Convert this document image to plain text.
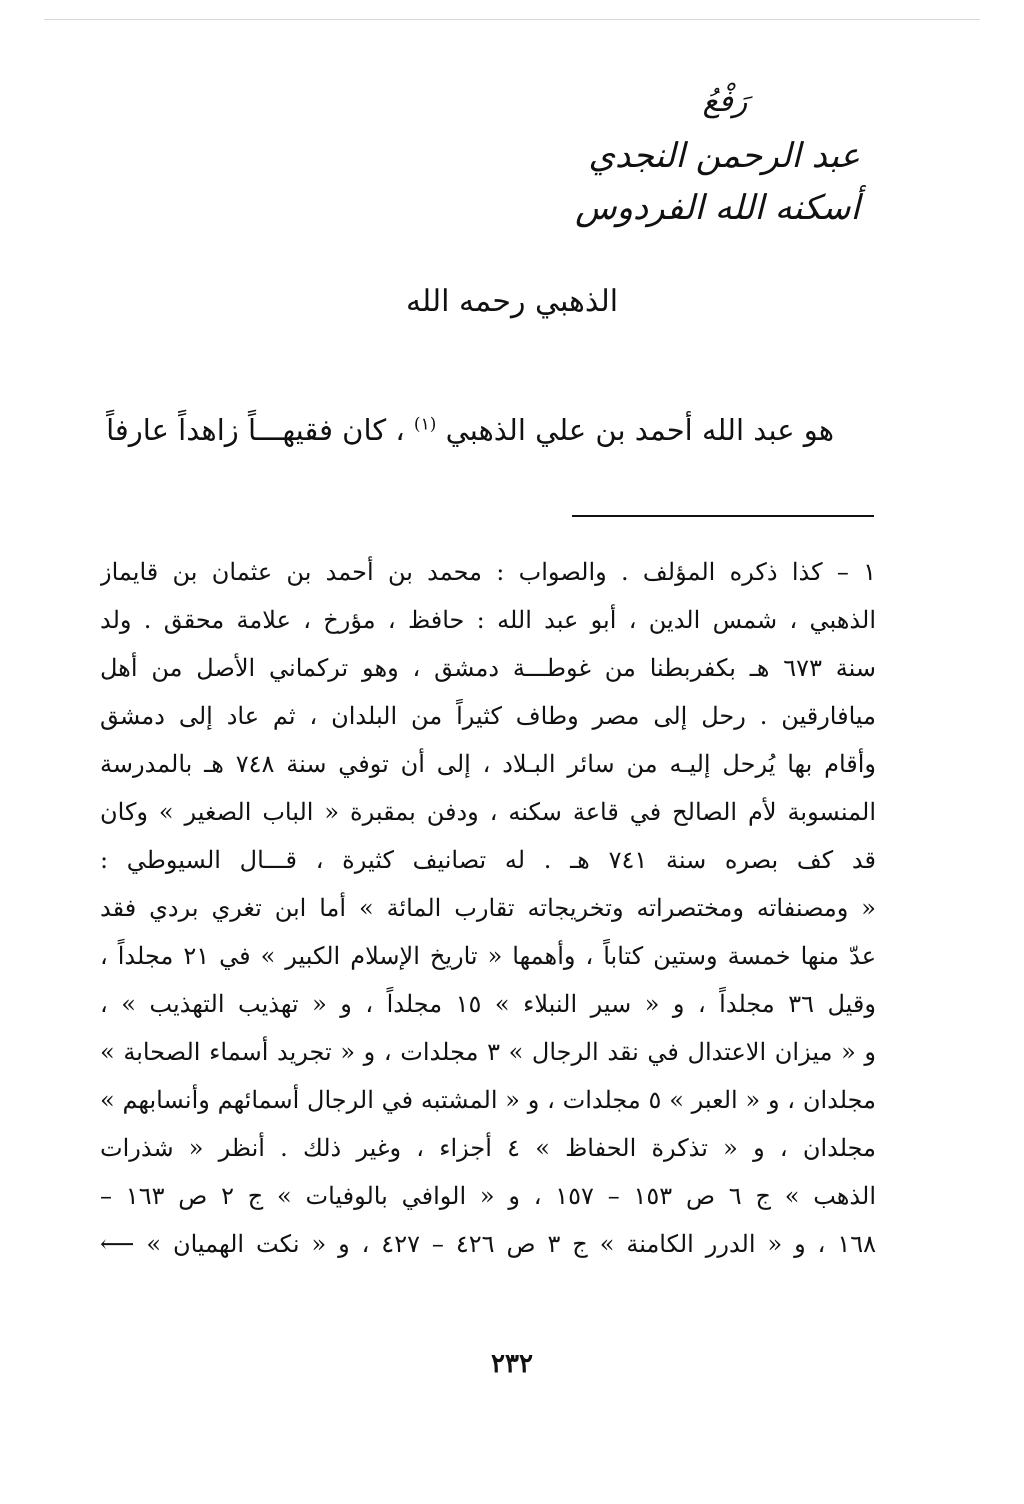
رَفْعُ
عبد الرحمن النجدي
أسكنه الله الفردوس
الذهبي رحمه الله
هو عبد الله أحمد بن علي الذهبي $^{(١)}$ ، كان فقيهـــاً زاهداً عارفاً
١ – كذا ذكره المؤلف . والصواب : محمد بن أحمد بن عثمان بن قايماز
الذهبي ، شمس الدين ، أبو عبد الله : حافظ ، مؤرخ ، علامة محقق . ولد
سنة ٦٧٣ هـ بكفربطنا من غوطـــة دمشق ، وهو تركماني الأصل من أهل
ميافارقين . رحل إلى مصر وطاف كثيراً من البلدان ، ثم عاد إلى دمشق
وأقام بها يُرحل إليـه من سائر البـلاد ، إلى أن توفي سنة ٧٤٨ هـ بالمدرسة
المنسوبة لأم الصالح في قاعة سكنه ، ودفن بمقبرة « الباب الصغير » وكان
قد كف بصره سنة ٧٤١ هـ . له تصانيف كثيرة ، قـــال السيوطي :
« ومصنفاته ومختصراته وتخريجاته تقارب المائة » أما ابن تغري بردي فقد
عدّ منها خمسة وستين كتاباً ، وأهمها « تاريخ الإسلام الكبير » في ٢١ مجلداً ،
وقيل ٣٦ مجلداً ، و « سير النبلاء » ١٥ مجلداً ، و « تهذيب التهذيب » ،
و « ميزان الاعتدال في نقد الرجال » ٣ مجلدات ، و « تجريد أسماء الصحابة »
مجلدان ، و « العبر » ٥ مجلدات ، و « المشتبه في الرجال أسمائهم وأنسابهم »
مجلدان ، و « تذكرة الحفاظ » ٤ أجزاء ، وغير ذلك . أنظر « شذرات
الذهب » ج ٦ ص ١٥٣ – ١٥٧ ، و « الوافي بالوفيات » ج ٢ ص ١٦٣ –
١٦٨ ، و « الدرر الكامنة » ج ٣ ص ٤٢٦ – ٤٢٧ ، و « نكت الهميان » ⟵
٢٣٢
